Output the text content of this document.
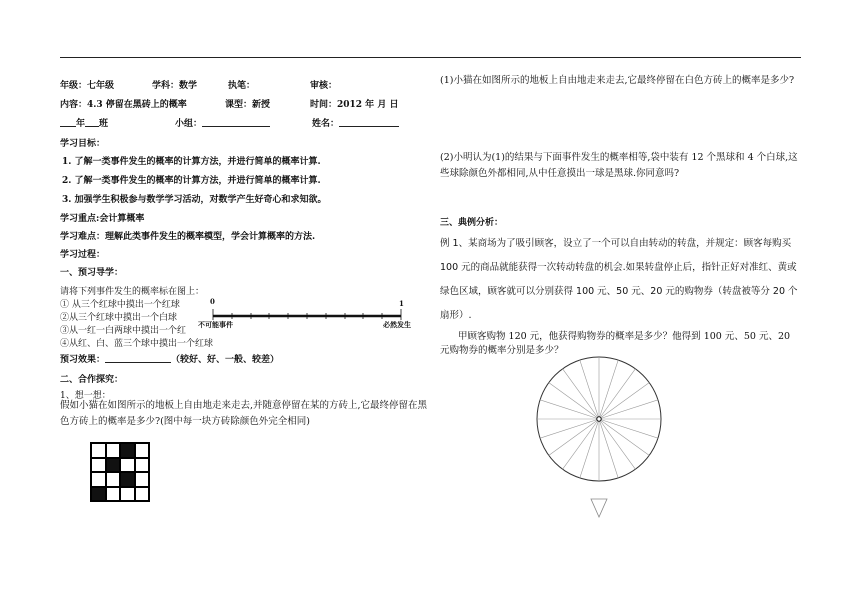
年级：七年级	学科：数学	执笔：	审核：
内容：4.3 停留在黑砖上的概率	课型：新授	时间：2012 年 月 日
年 班	小组：	姓名：
学习目标：
1. 了解一类事件发生的概率的计算方法，并进行简单的概率计算.
2. 了解一类事件发生的概率的计算方法，并进行简单的概率计算.
3. 加强学生积极参与数学学习活动，对数学产生好奇心和求知欲。
学习重点:会计算概率
学习难点：理解此类事件发生的概率模型，学会计算概率的方法.
学习过程：
一、预习导学：
请将下列事件发生的概率标在图上：
① 从三个红球中摸出一个红球
②从三个红球中摸出一个白球
③从一红一白两球中摸出一个红
④从红、白、蓝三个球中摸出一个红球
0	1
不可能事件	必然发生
预习效果：	（较好、好、一般、较差）
二、合作探究：
1、想一想：
假如小猫在如图所示的地板上自由地走来走去,并随意停留在某的方砖上,它最终停留在黑色方砖上的概率是多少?(图中每一块方砖除颜色外完全相同)
(1)小猫在如图所示的地板上自由地走来走去,它最终停留在白色方砖上的概率是多少?
(2)小明认为(1)的结果与下面事件发生的概率相等,袋中装有 12 个黑球和 4 个白球,这些球除颜色外都相同,从中任意摸出一球是黑球.你同意吗?
三、典例分析：
例 1、某商场为了吸引顾客，设立了一个可以自由转动的转盘，并规定：顾客每购买100 元的商品就能获得一次转动转盘的机会.如果转盘停止后，指针正好对准红、黄或绿色区域，顾客就可以分别获得 100 元、50 元、20 元的购物券（转盘被等分 20 个扇形）.
甲顾客购物 120 元，他获得购物券的概率是多少？他得到 100 元、50 元、20 元购物券的概率分别是多少？
